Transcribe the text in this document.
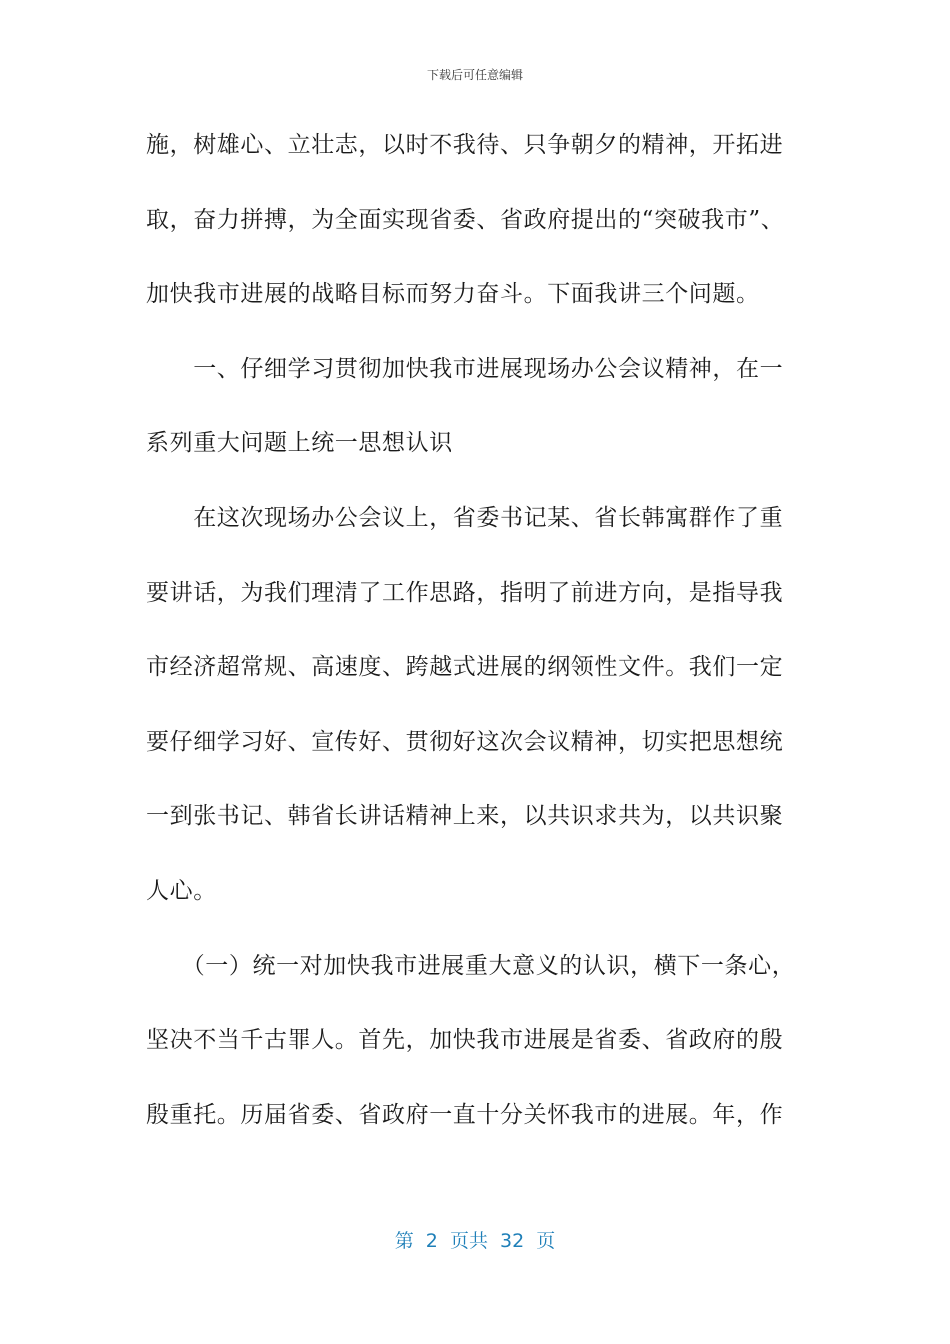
下载后可任意编辑
施，树雄心、立壮志，以时不我待、只争朝夕的精神，开拓进
取，奋力拼搏，为全面实现省委、省政府提出的“突破我市”、
加快我市进展的战略目标而努力奋斗。下面我讲三个问题。
　　一、仔细学习贯彻加快我市进展现场办公会议精神，在一
系列重大问题上统一思想认识
　　在这次现场办公会议上，省委书记某、省长韩寓群作了重
要讲话，为我们理清了工作思路，指明了前进方向，是指导我
市经济超常规、高速度、跨越式进展的纲领性文件。我们一定
要仔细学习好、宣传好、贯彻好这次会议精神，切实把思想统
一到张书记、韩省长讲话精神上来，以共识求共为，以共识聚
人心。
　　（一）统一对加快我市进展重大意义的认识，横下一条心，
坚决不当千古罪人。首先，加快我市进展是省委、省政府的殷
殷重托。历届省委、省政府一直十分关怀我市的进展。年，作
第  2  页共  32  页
